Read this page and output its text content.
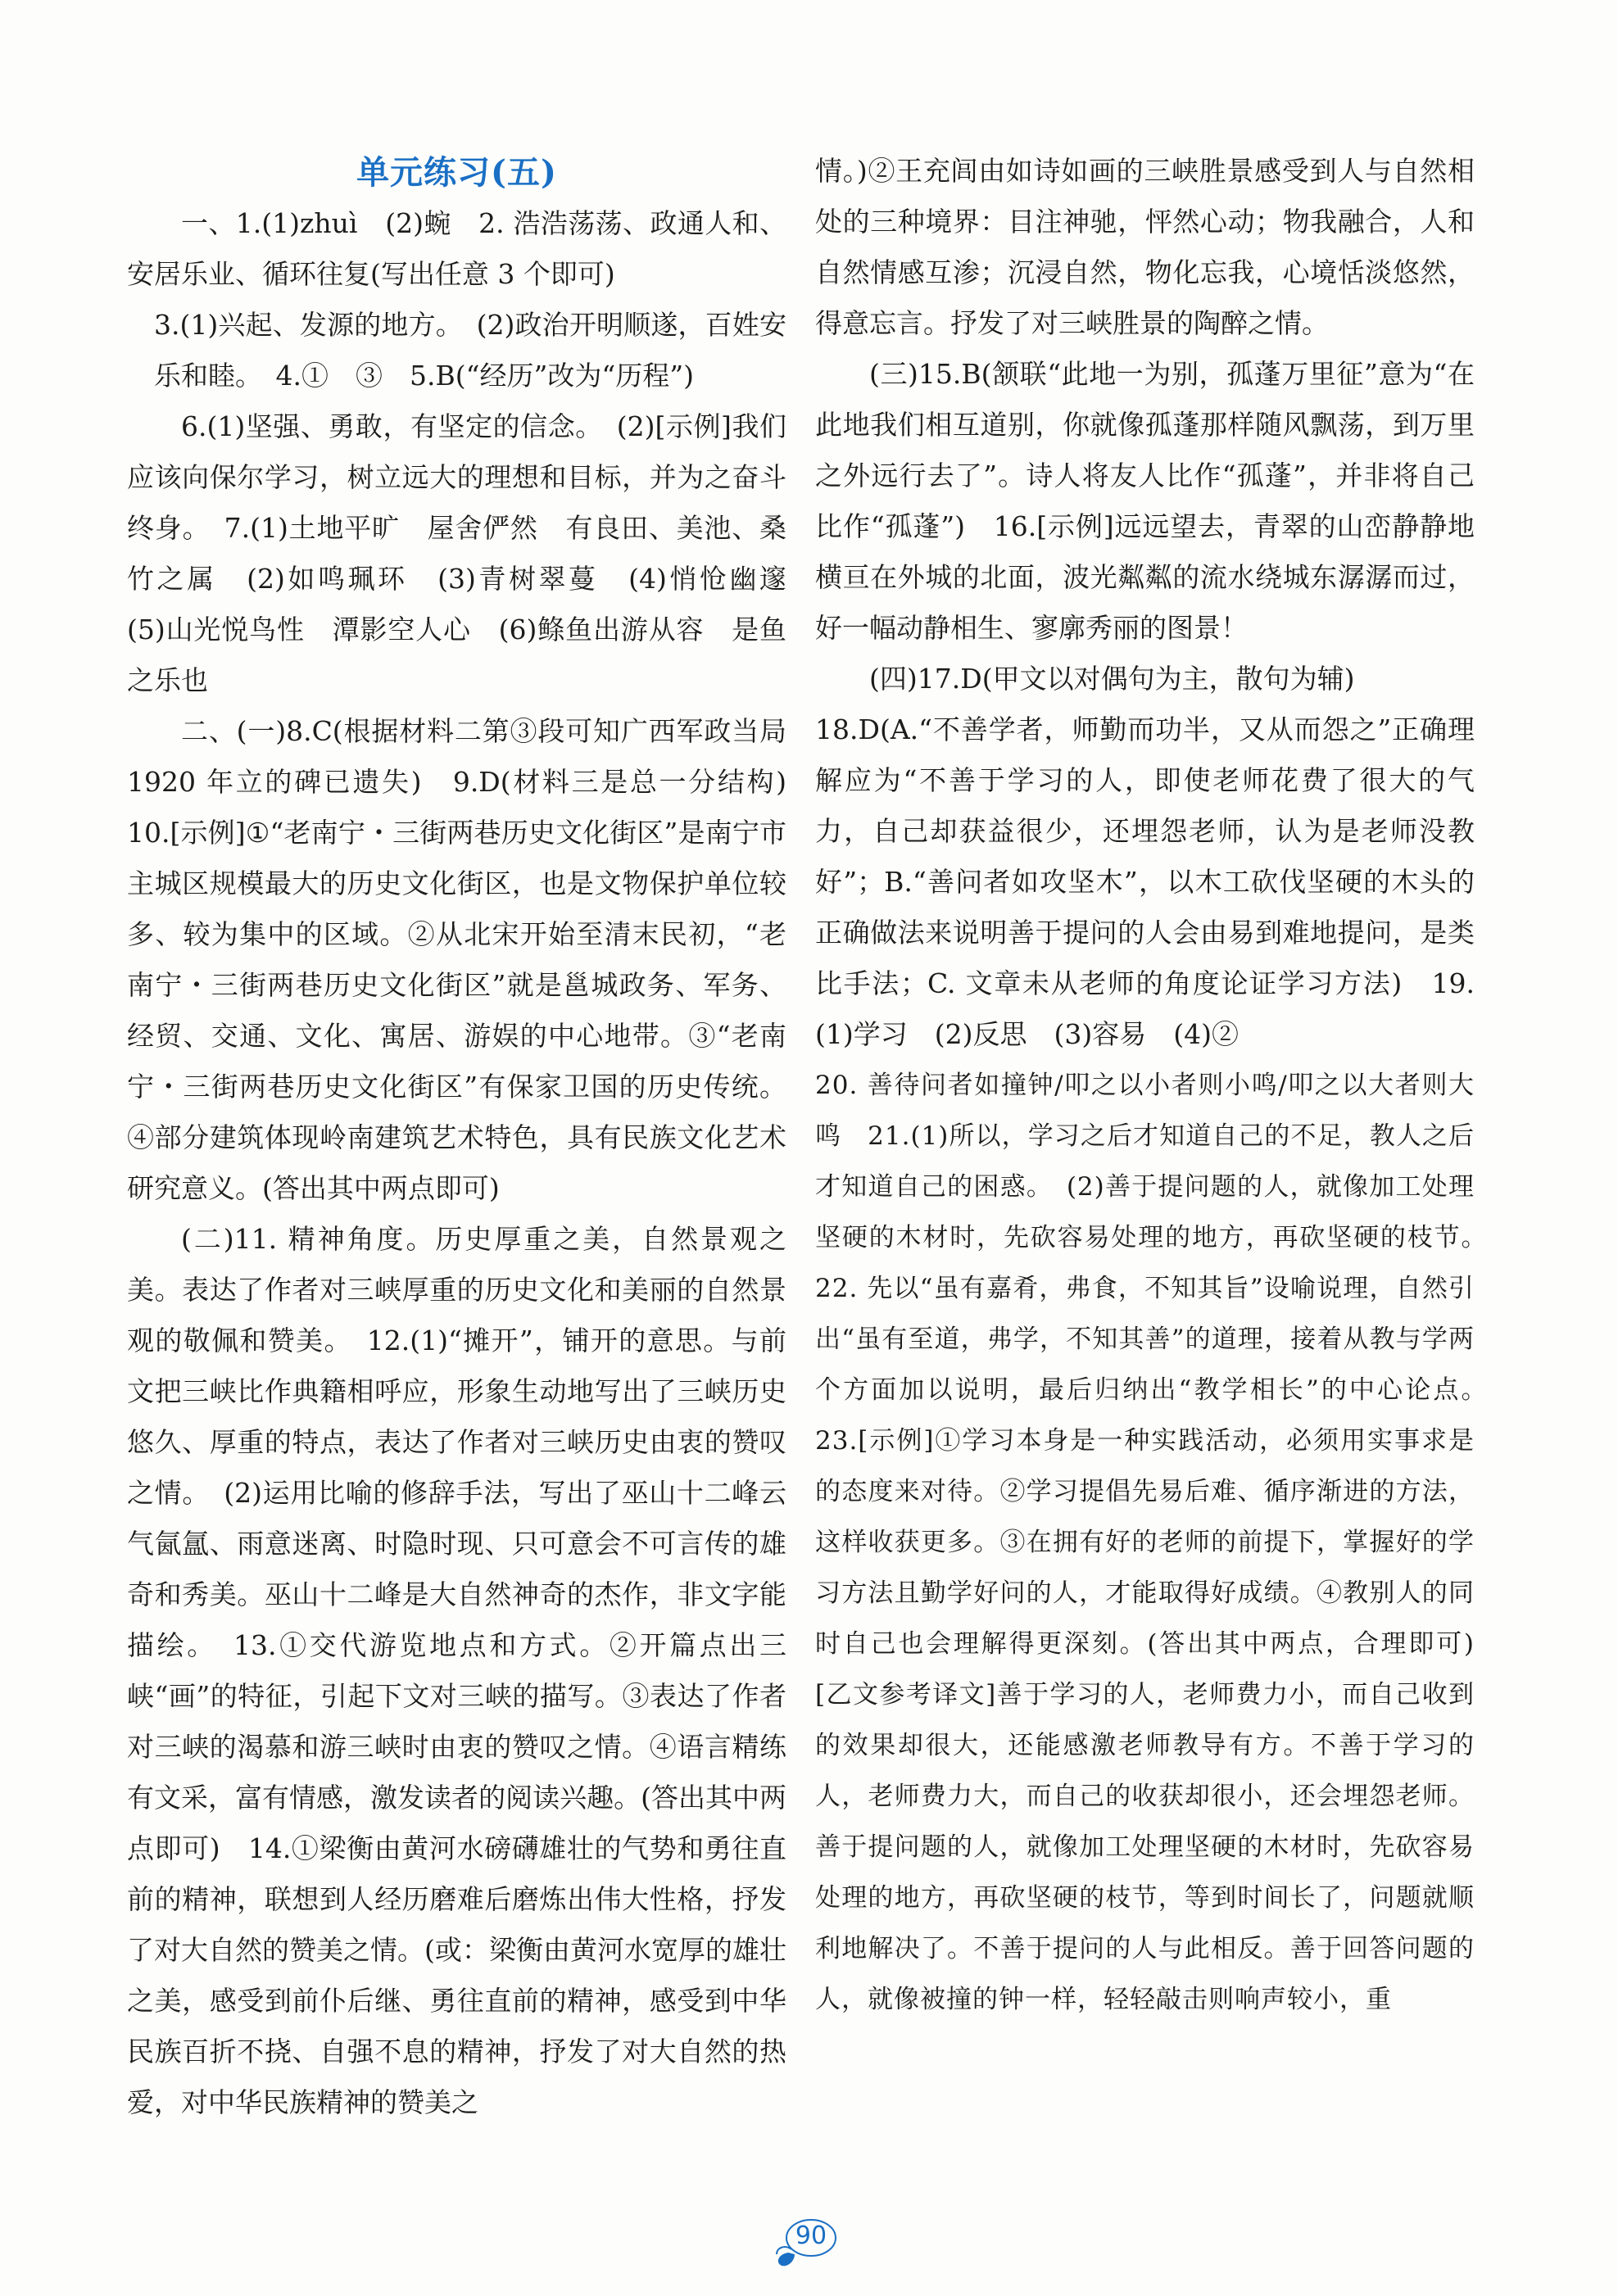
单元练习(五)

一、1.(1)zhuì　(2)蜿　2. 浩浩荡荡、政通人和、安居乐业、循环往复(写出任意 3 个即可)

3.(1)兴起、发源的地方。　(2)政治开明顺遂，百姓安乐和睦。　4.①　③　5.B(“经历”改为“历程”)

6.(1)坚强、勇敢，有坚定的信念。　(2)[示例]我们应该向保尔学习，树立远大的理想和目标，并为之奋斗终身。　7.(1)土地平旷　屋舍俨然　有良田、美池、桑竹之属　(2)如鸣珮环　(3)青树翠蔓　(4)悄怆幽邃　(5)山光悦鸟性　潭影空人心　(6)鲦鱼出游从容　是鱼之乐也

二、(一)8.C(根据材料二第③段可知广西军政当局 1920 年立的碑已遗失)　9.D(材料三是总一分结构)　10.[示例]①“老南宁・三街两巷历史文化街区”是南宁市主城区规模最大的历史文化街区，也是文物保护单位较多、较为集中的区域。②从北宋开始至清末民初，“老南宁・三街两巷历史文化街区”就是邕城政务、军务、经贸、交通、文化、寓居、游娱的中心地带。③“老南宁・三街两巷历史文化街区”有保家卫国的历史传统。④部分建筑体现岭南建筑艺术特色，具有民族文化艺术研究意义。(答出其中两点即可)

(二)11. 精神角度。历史厚重之美，自然景观之美。表达了作者对三峡厚重的历史文化和美丽的自然景观的敬佩和赞美。　12.(1)“摊开”，铺开的意思。与前文把三峡比作典籍相呼应，形象生动地写出了三峡历史悠久、厚重的特点，表达了作者对三峡历史由衷的赞叹之情。　(2)运用比喻的修辞手法，写出了巫山十二峰云气氤氲、雨意迷离、时隐时现、只可意会不可言传的雄奇和秀美。巫山十二峰是大自然神奇的杰作，非文字能描绘。　13.①交代游览地点和方式。②开篇点出三峡“画”的特征，引起下文对三峡的描写。③表达了作者对三峡的渴慕和游三峡时由衷的赞叹之情。④语言精练有文采，富有情感，激发读者的阅读兴趣。(答出其中两点即可)　14.①梁衡由黄河水磅礴雄壮的气势和勇往直前的精神，联想到人经历磨难后磨炼出伟大性格，抒发了对大自然的赞美之情。(或：梁衡由黄河水宽厚的雄壮之美，感受到前仆后继、勇往直前的精神，感受到中华民族百折不挠、自强不息的精神，抒发了对大自然的热爱，对中华民族精神的赞美之

情。)②王充闾由如诗如画的三峡胜景感受到人与自然相处的三种境界：目注神驰，怦然心动；物我融合，人和自然情感互渗；沉浸自然，物化忘我，心境恬淡悠然，得意忘言。抒发了对三峡胜景的陶醉之情。

(三)15.B(颔联“此地一为别，孤蓬万里征”意为“在此地我们相互道别，你就像孤蓬那样随风飘荡，到万里之外远行去了”。诗人将友人比作“孤蓬”，并非将自己比作“孤蓬”)　16.[示例]远远望去，青翠的山峦静静地横亘在外城的北面，波光粼粼的流水绕城东潺潺而过，好一幅动静相生、寥廓秀丽的图景！

(四)17.D(甲文以对偶句为主，散句为辅)

18.D(A.“不善学者，师勤而功半，又从而怨之”正确理解应为“不善于学习的人，即使老师花费了很大的气力，自己却获益很少，还埋怨老师，认为是老师没教好”；B.“善问者如攻坚木”，以木工砍伐坚硬的木头的正确做法来说明善于提问的人会由易到难地提问，是类比手法；C. 文章未从老师的角度论证学习方法)　19.(1)学习　(2)反思　(3)容易　(4)②

20. 善待问者如撞钟/叩之以小者则小鸣/叩之以大者则大鸣　21.(1)所以，学习之后才知道自己的不足，教人之后才知道自己的困惑。　(2)善于提问题的人，就像加工处理坚硬的木材时，先砍容易处理的地方，再砍坚硬的枝节。　22. 先以“虽有嘉肴，弗食，不知其旨”设喻说理，自然引出“虽有至道，弗学，不知其善”的道理，接着从教与学两个方面加以说明，最后归纳出“教学相长”的中心论点。　23.[示例]①学习本身是一种实践活动，必须用实事求是的态度来对待。②学习提倡先易后难、循序渐进的方法，这样收获更多。③在拥有好的老师的前提下，掌握好的学习方法且勤学好问的人，才能取得好成绩。④教别人的同时自己也会理解得更深刻。(答出其中两点，合理即可)　[乙文参考译文]善于学习的人，老师费力小，而自己收到的效果却很大，还能感激老师教导有方。不善于学习的人，老师费力大，而自己的收获却很小，还会埋怨老师。善于提问题的人，就像加工处理坚硬的木材时，先砍容易处理的地方，再砍坚硬的枝节，等到时间长了，问题就顺利地解决了。不善于提问的人与此相反。善于回答问题的人，就像被撞的钟一样，轻轻敲击则响声较小，重

90
